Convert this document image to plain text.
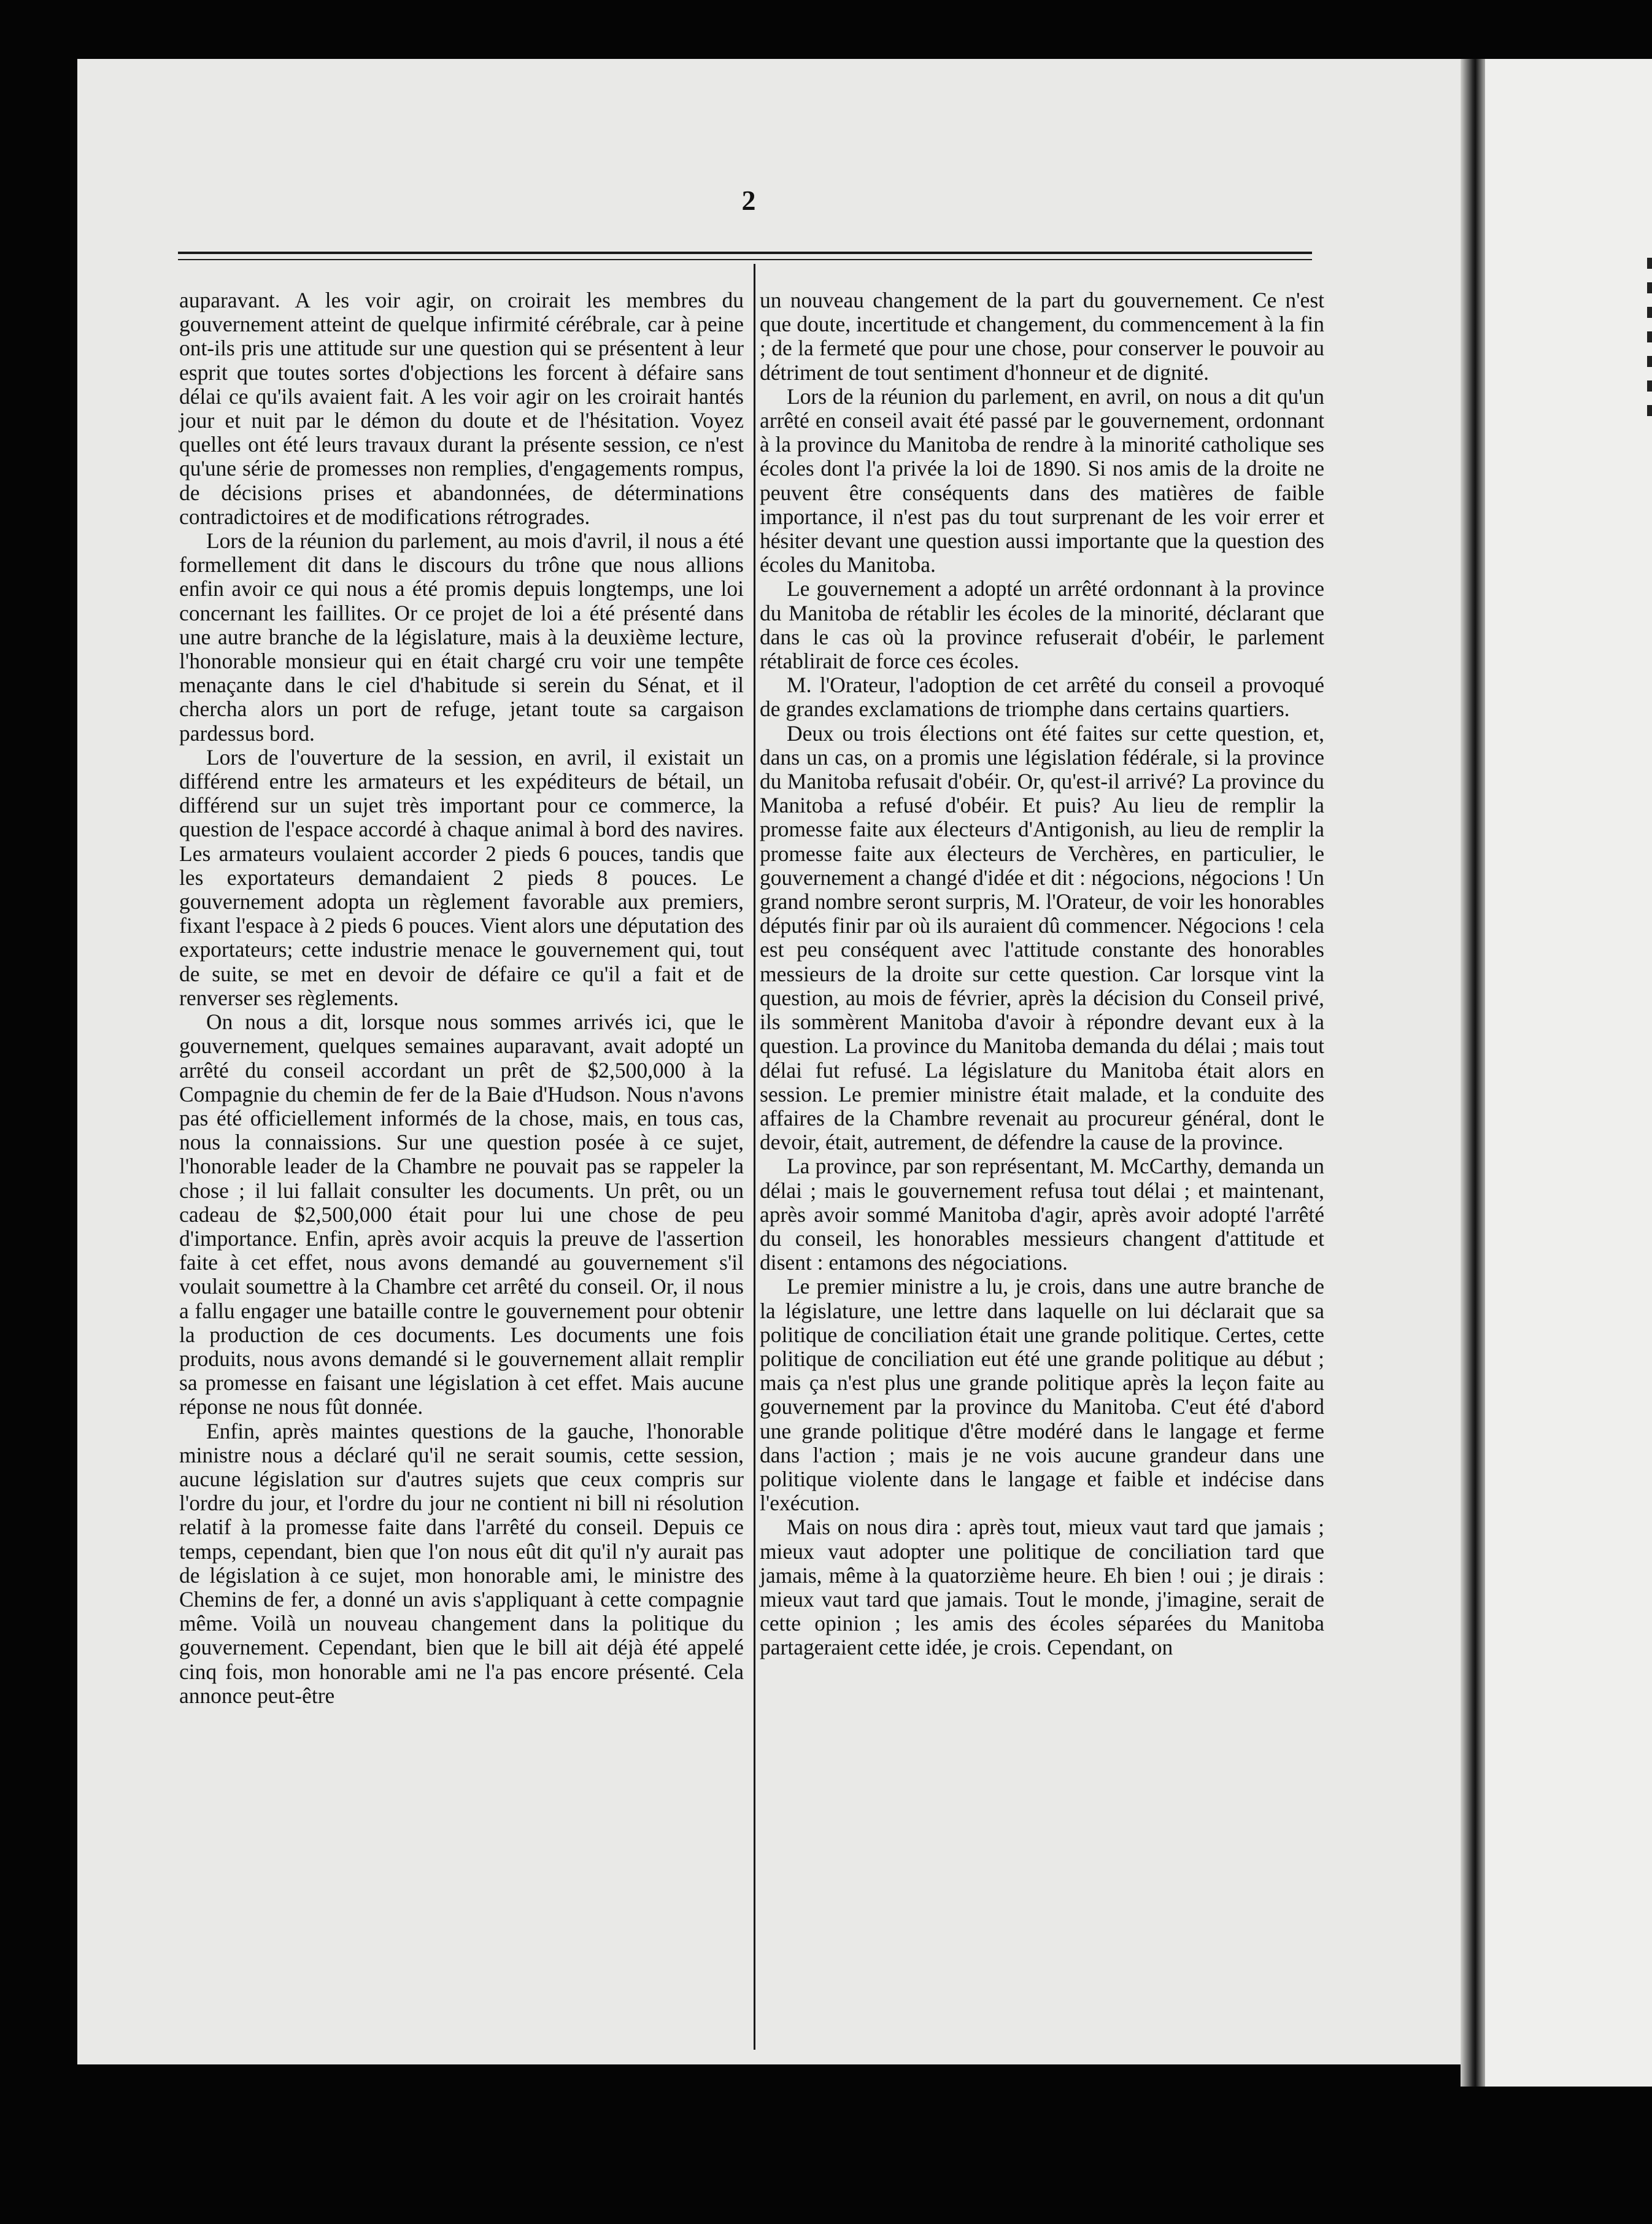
2

auparavant. A les voir agir, on croirait les membres du gouvernement atteint de quelque infirmité cérébrale, car à peine ont-ils pris une attitude sur une question qui se présentent à leur esprit que toutes sortes d'objections les forcent à défaire sans délai ce qu'ils avaient fait. A les voir agir on les croirait hantés jour et nuit par le démon du doute et de l'hésitation. Voyez quelles ont été leurs travaux durant la présente session, ce n'est qu'une série de promesses non remplies, d'engagements rompus, de décisions prises et abandonnées, de déterminations contradictoires et de modifications rétrogrades.

Lors de la réunion du parlement, au mois d'avril, il nous a été formellement dit dans le discours du trône que nous allions enfin avoir ce qui nous a été promis depuis longtemps, une loi concernant les faillites. Or ce projet de loi a été présenté dans une autre branche de la législature, mais à la deuxième lecture, l'honorable monsieur qui en était chargé cru voir une tempête menaçante dans le ciel d'habitude si serein du Sénat, et il chercha alors un port de refuge, jetant toute sa cargaison pardessus bord.

Lors de l'ouverture de la session, en avril, il existait un différend entre les armateurs et les expéditeurs de bétail, un différend sur un sujet très important pour ce commerce, la question de l'espace accordé à chaque animal à bord des navires. Les armateurs voulaient accorder 2 pieds 6 pouces, tandis que les exportateurs demandaient 2 pieds 8 pouces. Le gouvernement adopta un règlement favorable aux premiers, fixant l'espace à 2 pieds 6 pouces. Vient alors une députation des exportateurs; cette industrie menace le gouvernement qui, tout de suite, se met en devoir de défaire ce qu'il a fait et de renverser ses règlements.

On nous a dit, lorsque nous sommes arrivés ici, que le gouvernement, quelques semaines auparavant, avait adopté un arrêté du conseil accordant un prêt de $2,500,000 à la Compagnie du chemin de fer de la Baie d'Hudson. Nous n'avons pas été officiellement informés de la chose, mais, en tous cas, nous la connaissions. Sur une question posée à ce sujet, l'honorable leader de la Chambre ne pouvait pas se rappeler la chose ; il lui fallait consulter les documents. Un prêt, ou un cadeau de $2,500,000 était pour lui une chose de peu d'importance. Enfin, après avoir acquis la preuve de l'assertion faite à cet effet, nous avons demandé au gouvernement s'il voulait soumettre à la Chambre cet arrêté du conseil. Or, il nous a fallu engager une bataille contre le gouvernement pour obtenir la production de ces documents. Les documents une fois produits, nous avons demandé si le gouvernement allait remplir sa promesse en faisant une législation à cet effet. Mais aucune réponse ne nous fût donnée.

Enfin, après maintes questions de la gauche, l'honorable ministre nous a déclaré qu'il ne serait soumis, cette session, aucune législation sur d'autres sujets que ceux compris sur l'ordre du jour, et l'ordre du jour ne contient ni bill ni résolution relatif à la promesse faite dans l'arrêté du conseil. Depuis ce temps, cependant, bien que l'on nous eût dit qu'il n'y aurait pas de législation à ce sujet, mon honorable ami, le ministre des Chemins de fer, a donné un avis s'appliquant à cette compagnie même. Voilà un nouveau changement dans la politique du gouvernement. Cependant, bien que le bill ait déjà été appelé cinq fois, mon honorable ami ne l'a pas encore présenté. Cela annonce peut-être

un nouveau changement de la part du gouvernement. Ce n'est que doute, incertitude et changement, du commencement à la fin ; de la fermeté que pour une chose, pour conserver le pouvoir au détriment de tout sentiment d'honneur et de dignité.

Lors de la réunion du parlement, en avril, on nous a dit qu'un arrêté en conseil avait été passé par le gouvernement, ordonnant à la province du Manitoba de rendre à la minorité catholique ses écoles dont l'a privée la loi de 1890. Si nos amis de la droite ne peuvent être conséquents dans des matières de faible importance, il n'est pas du tout surprenant de les voir errer et hésiter devant une question aussi importante que la question des écoles du Manitoba.

Le gouvernement a adopté un arrêté ordonnant à la province du Manitoba de rétablir les écoles de la minorité, déclarant que dans le cas où la province refuserait d'obéir, le parlement rétablirait de force ces écoles.

M. l'Orateur, l'adoption de cet arrêté du conseil a provoqué de grandes exclamations de triomphe dans certains quartiers.

Deux ou trois élections ont été faites sur cette question, et, dans un cas, on a promis une législation fédérale, si la province du Manitoba refusait d'obéir. Or, qu'est-il arrivé? La province du Manitoba a refusé d'obéir. Et puis? Au lieu de remplir la promesse faite aux électeurs d'Antigonish, au lieu de remplir la promesse faite aux électeurs de Verchères, en particulier, le gouvernement a changé d'idée et dit : négocions, négocions ! Un grand nombre seront surpris, M. l'Orateur, de voir les honorables députés finir par où ils auraient dû commencer. Négocions ! cela est peu conséquent avec l'attitude constante des honorables messieurs de la droite sur cette question. Car lorsque vint la question, au mois de février, après la décision du Conseil privé, ils sommèrent Manitoba d'avoir à répondre devant eux à la question. La province du Manitoba demanda du délai ; mais tout délai fut refusé. La législature du Manitoba était alors en session. Le premier ministre était malade, et la conduite des affaires de la Chambre revenait au procureur général, dont le devoir, était, autrement, de défendre la cause de la province.

La province, par son représentant, M. McCarthy, demanda un délai ; mais le gouvernement refusa tout délai ; et maintenant, après avoir sommé Manitoba d'agir, après avoir adopté l'arrêté du conseil, les honorables messieurs changent d'attitude et disent : entamons des négociations.

Le premier ministre a lu, je crois, dans une autre branche de la législature, une lettre dans laquelle on lui déclarait que sa politique de conciliation était une grande politique. Certes, cette politique de conciliation eut été une grande politique au début ; mais ça n'est plus une grande politique après la leçon faite au gouvernement par la province du Manitoba. C'eut été d'abord une grande politique d'être modéré dans le langage et ferme dans l'action ; mais je ne vois aucune grandeur dans une politique violente dans le langage et faible et indécise dans l'exécution.

Mais on nous dira : après tout, mieux vaut tard que jamais ; mieux vaut adopter une politique de conciliation tard que jamais, même à la quatorzième heure. Eh bien ! oui ; je dirais : mieux vaut tard que jamais. Tout le monde, j'imagine, serait de cette opinion ; les amis des écoles séparées du Manitoba partageraient cette idée, je crois. Cependant, on
